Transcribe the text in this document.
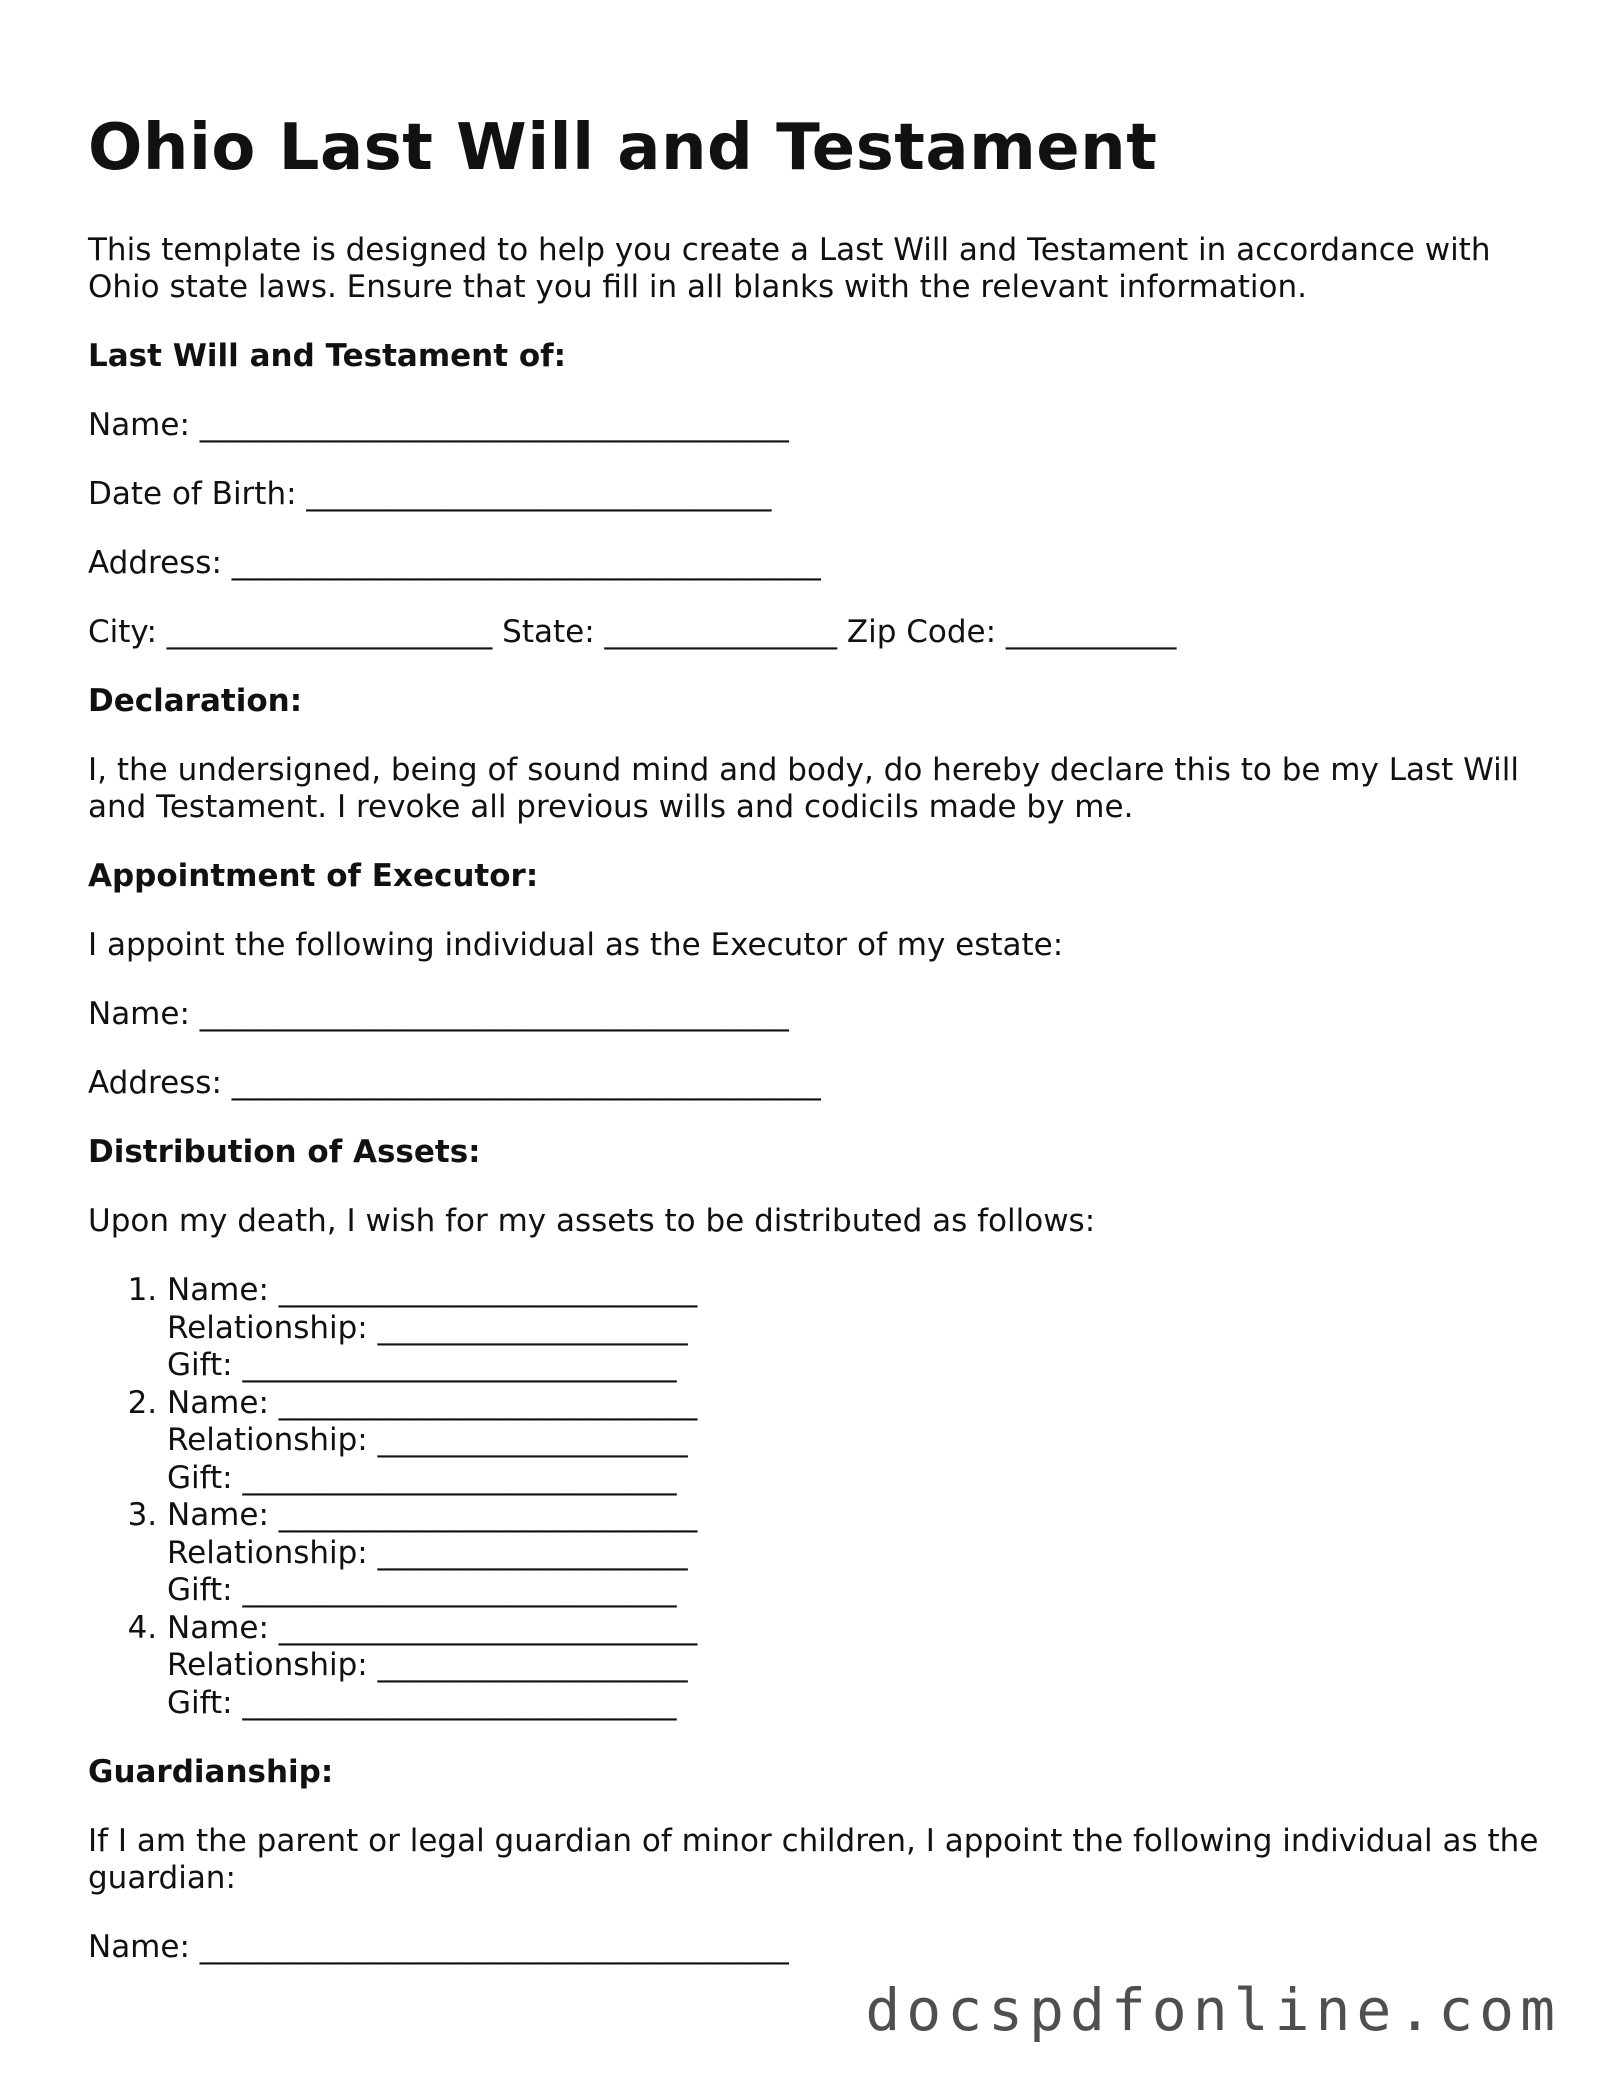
Ohio Last Will and Testament

This template is designed to help you create a Last Will and Testament in accordance with Ohio state laws. Ensure that you fill in all blanks with the relevant information.

Last Will and Testament of:

Name: ______________________________________

Date of Birth: ______________________________

Address: ______________________________________

City: _____________________ State: _______________ Zip Code: ___________

Declaration:

I, the undersigned, being of sound mind and body, do hereby declare this to be my Last Will and Testament. I revoke all previous wills and codicils made by me.

Appointment of Executor:

I appoint the following individual as the Executor of my estate:

Name: ______________________________________

Address: ______________________________________

Distribution of Assets:

Upon my death, I wish for my assets to be distributed as follows:

1. Name: ___________________________
Relationship: ____________________
Gift: ____________________________
2. Name: ___________________________
Relationship: ____________________
Gift: ____________________________
3. Name: ___________________________
Relationship: ____________________
Gift: ____________________________
4. Name: ___________________________
Relationship: ____________________
Gift: ____________________________

Guardianship:

If I am the parent or legal guardian of minor children, I appoint the following individual as the guardian:

Name: ______________________________________

docspdfonline.com
